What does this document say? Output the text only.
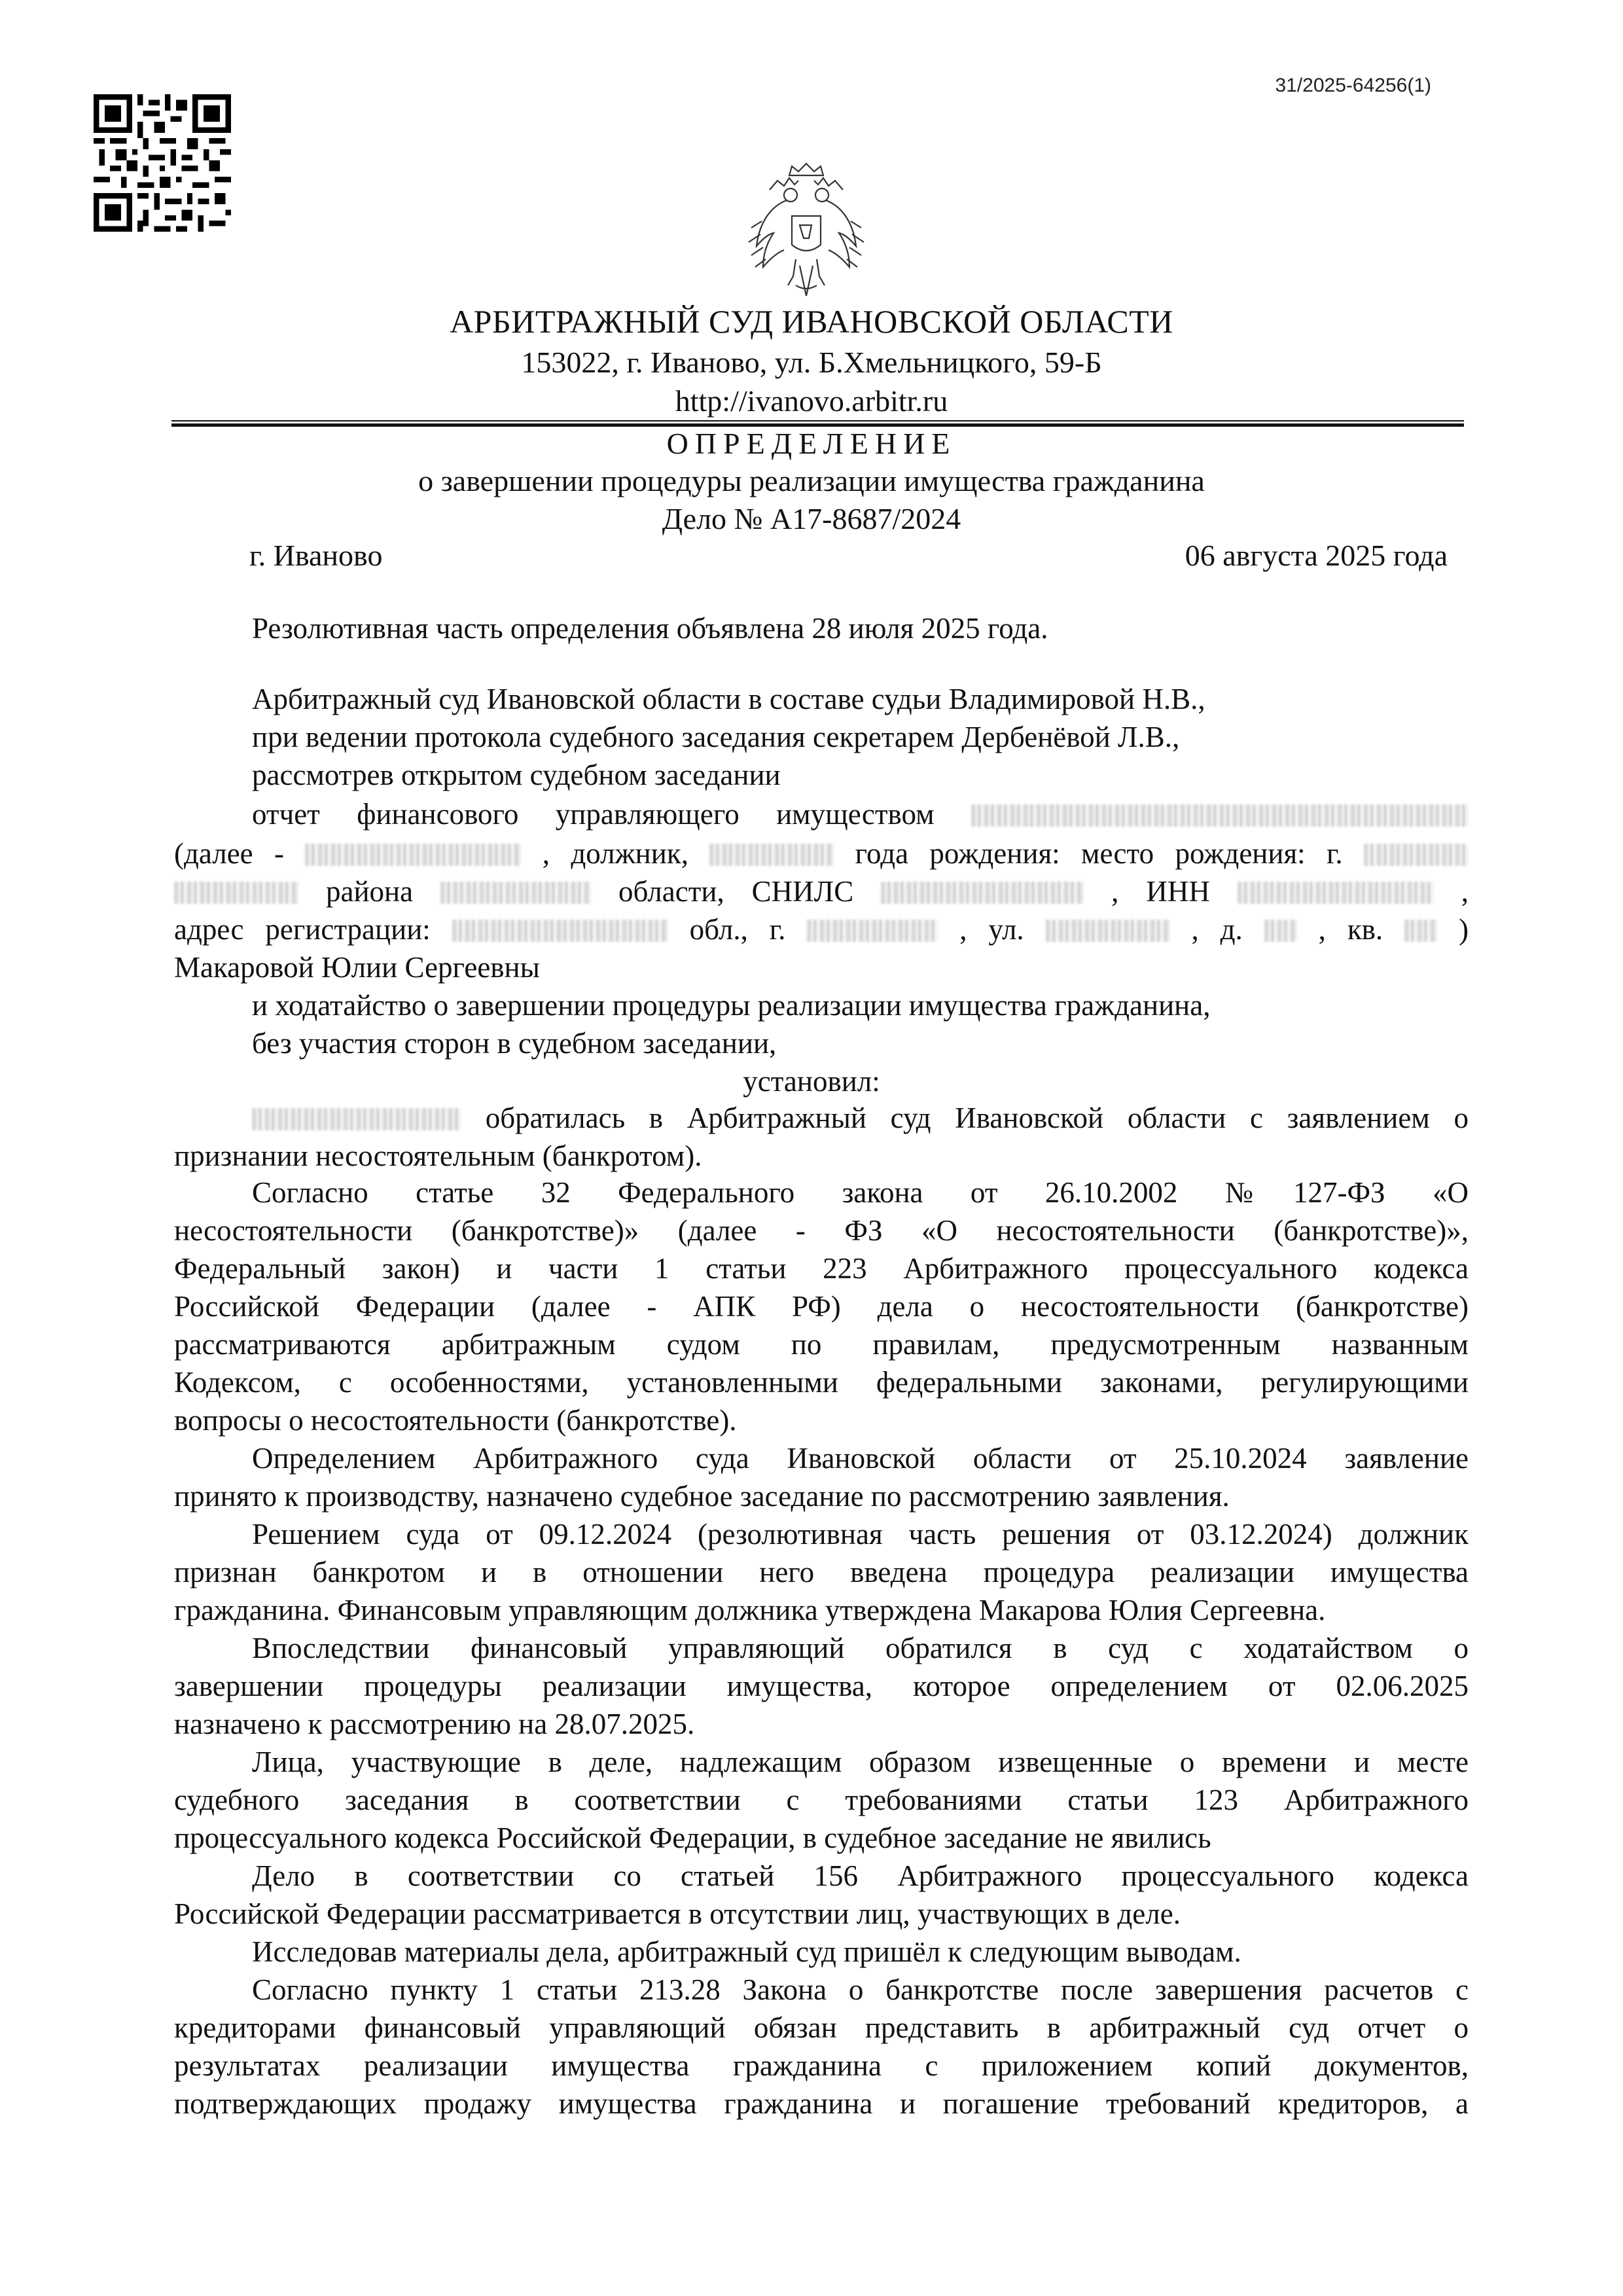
31/2025-64256(1)
АРБИТРАЖНЫЙ СУД ИВАНОВСКОЙ ОБЛАСТИ
153022, г. Иваново, ул. Б.Хмельницкого, 59-Б
http://ivanovo.arbitr.ru
ОПРЕДЕЛЕНИЕ
о завершении процедуры реализации имущества гражданина
Дело № А17-8687/2024
г. Иваново	06 августа 2025 года
Резолютивная часть определения объявлена 28 июля 2025 года.
Арбитражный суд Ивановской области в составе судьи Владимировой Н.В.,
при ведении протокола судебного заседания секретарем Дербенёвой Л.В.,
рассмотрев открытом судебном заседании
отчет финансового управляющего имуществом
(далее -	, должник,	года рождения: место рождения: г.
района	области, СНИЛС	, ИНН	,
адрес регистрации:	обл., г.	, ул.	, д.	, кв.	)
Макаровой Юлии Сергеевны
и ходатайство о завершении процедуры реализации имущества гражданина,
без участия сторон в судебном заседании,
установил:
обратилась в Арбитражный суд Ивановской области с заявлением о
признании несостоятельным (банкротом).
Согласно статье 32 Федерального закона от 26.10.2002 №127-ФЗ «О
несостоятельности (банкротстве)» (далее - ФЗ «О несостоятельности (банкротстве)»,
Федеральный закон) и части 1 статьи 223 Арбитражного процессуального кодекса
Российской Федерации (далее - АПК РФ) дела о несостоятельности (банкротстве)
рассматриваются арбитражным судом по правилам, предусмотренным названным
Кодексом, с особенностями, установленными федеральными законами, регулирующими
вопросы о несостоятельности (банкротстве).
Определением Арбитражного суда Ивановской области от 25.10.2024 заявление
принято к производству, назначено судебное заседание по рассмотрению заявления.
Решением суда от 09.12.2024 (резолютивная часть решения от 03.12.2024) должник
признан банкротом и в отношении него введена процедура реализации имущества
гражданина. Финансовым управляющим должника утверждена Макарова Юлия Сергеевна.
Впоследствии финансовый управляющий обратился в суд с ходатайством о
завершении процедуры реализации имущества, которое определением от 02.06.2025
назначено к рассмотрению на 28.07.2025.
Лица, участвующие в деле, надлежащим образом извещенные о времени и месте
судебного заседания в соответствии с требованиями статьи 123 Арбитражного
процессуального кодекса Российской Федерации, в судебное заседание не явились
Дело в соответствии со статьей 156 Арбитражного процессуального кодекса
Российской Федерации рассматривается в отсутствии лиц, участвующих в деле.
Исследовав материалы дела, арбитражный суд пришёл к следующим выводам.
Согласно пункту 1 статьи 213.28 Закона о банкротстве после завершения расчетов с
кредиторами финансовый управляющий обязан представить в арбитражный суд отчет о
результатах реализации имущества гражданина с приложением копий документов,
подтверждающих продажу имущества гражданина и погашение требований кредиторов, а
